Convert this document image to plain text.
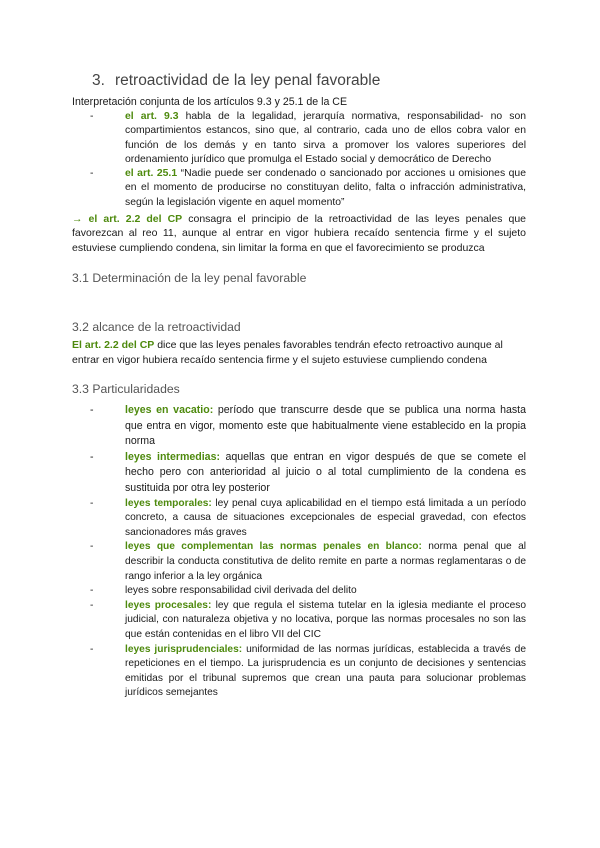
3. retroactividad de la ley penal favorable

Interpretación conjunta de los artículos 9.3 y 25.1 de la CE

-	el art. 9.3 habla de la legalidad, jerarquía normativa, responsabilidad- no son compartimientos estancos, sino que, al contrario, cada uno de ellos cobra valor en función de los demás y en tanto sirva a promover los valores superiores del ordenamiento jurídico que promulga el Estado social y democrático de Derecho
-	el art. 25.1 “Nadie puede ser condenado o sancionado por acciones u omisiones que en el momento de producirse no constituyan delito, falta o infracción administrativa, según la legislación vigente en aquel momento”

→ el art. 2.2 del CP consagra el principio de la retroactividad de las leyes penales que favorezcan al reo 11, aunque al entrar en vigor hubiera recaído sentencia firme y el sujeto estuviese cumpliendo condena, sin limitar la forma en que el favorecimiento se produzca

3.1 Determinación de la ley penal favorable

3.2 alcance de la retroactividad

El art. 2.2 del CP dice que las leyes penales favorables tendrán efecto retroactivo aunque al entrar en vigor hubiera recaído sentencia firme y el sujeto estuviese cumpliendo condena

3.3 Particularidades

-	leyes en vacatio: período que transcurre desde que se publica una norma hasta que entra en vigor, momento este que habitualmente viene establecido en la propia norma
-	leyes intermedias: aquellas que entran en vigor después de que se comete el hecho pero con anterioridad al juicio o al total cumplimiento de la condena es sustituida por otra ley posterior
-	leyes temporales: ley penal cuya aplicabilidad en el tiempo está limitada a un período concreto, a causa de situaciones excepcionales de especial gravedad, con efectos sancionadores más graves
-	leyes que complementan las normas penales en blanco: norma penal que al describir la conducta constitutiva de delito remite en parte a normas reglamentaras o de rango inferior a la ley orgánica
-	leyes sobre responsabilidad civil derivada del delito
-	leyes procesales: ley que regula el sistema tutelar en la iglesia mediante el proceso judicial, con naturaleza objetiva y no locativa, porque las normas procesales no son las que están contenidas en el libro VII del CIC
-	leyes jurisprudenciales: uniformidad de las normas jurídicas, establecida a través de repeticiones en el tiempo. La jurisprudencia es un conjunto de decisiones y sentencias emitidas por el tribunal supremos que crean una pauta para solucionar problemas jurídicos semejantes
